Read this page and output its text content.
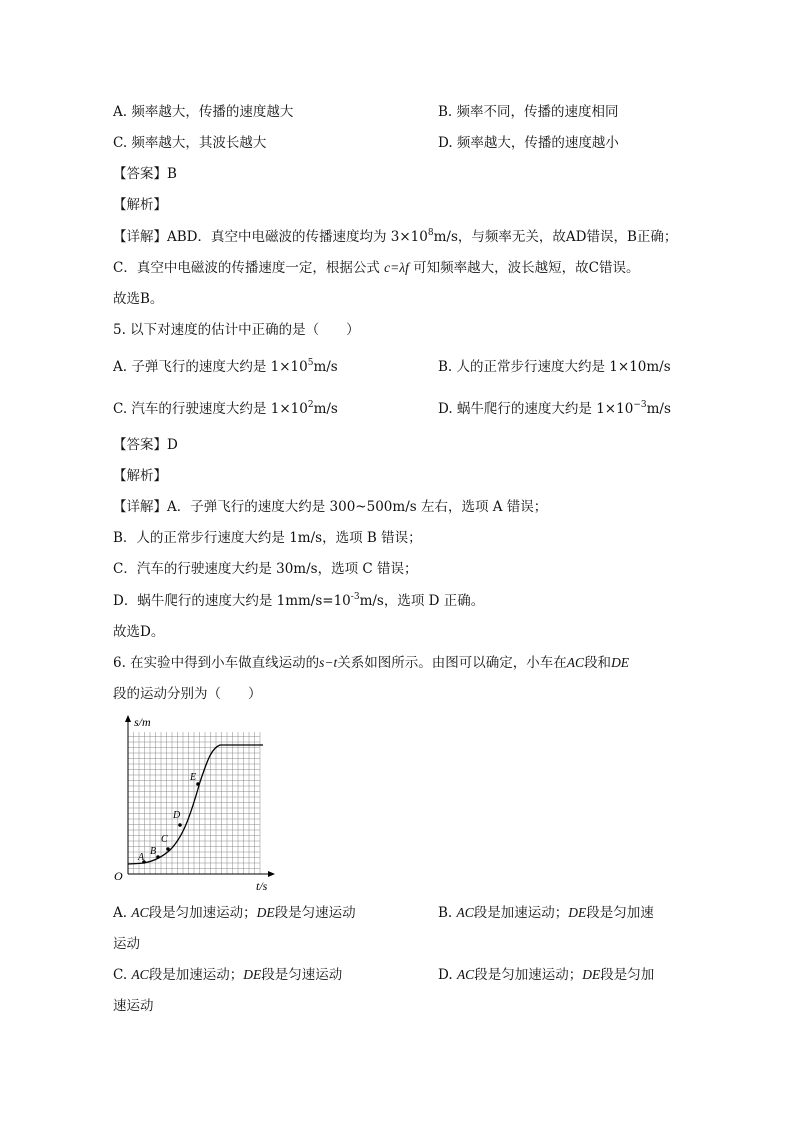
A. 频率越大，传播的速度越大	B. 频率不同，传播的速度相同
C. 频率越大，其波长越大	D. 频率越大，传播的速度越小
【答案】B
【解析】
【详解】ABD．真空中电磁波的传播速度均为 $3\times 10^8m/s$，与频率无关，故AD错误，B正确；
C．真空中电磁波的传播速度一定，根据公式 c=λf 可知频率越大，波长越短，故C错误。
故选B。
5. 以下对速度的估计中正确的是（　　）
A. 子弹飞行的速度大约是 $1\times 10^5m/s$	B. 人的正常步行速度大约是 1×10m/s
C. 汽车的行驶速度大约是 $1\times 10^2m/s$	D. 蜗牛爬行的速度大约是 $1\times 10^{-3}m/s$
【答案】D
【解析】
【详解】A．子弹飞行的速度大约是 300~500m/s 左右，选项 A 错误；
B．人的正常步行速度大约是 1m/s，选项 B 错误；
C．汽车的行驶速度大约是 30m/s，选项 C 错误；
D．蜗牛爬行的速度大约是 $1mm/s=10^{-3}m/s$，选项 D 正确。
故选D。
6. 在实验中得到小车做直线运动的s−t关系如图所示。由图可以确定，小车在AC段和DE
段的运动分别为（　　）
A
B
C
D
E
s/m
t/s
O
A. AC段是匀加速运动；DE段是匀速运动	B. AC段是加速运动；DE段是匀加速
运动
C. AC段是加速运动；DE段是匀速运动	D. AC段是匀加速运动；DE段是匀加
速运动
